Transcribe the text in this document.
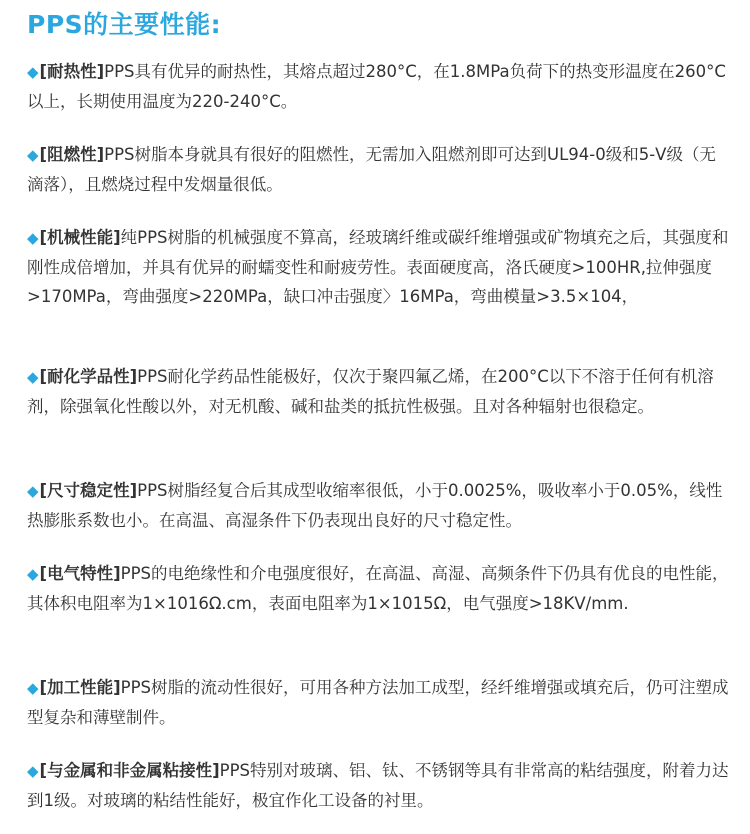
PPS的主要性能:

◆[耐热性]PPS具有优异的耐热性，其熔点超过280°C，在1.8MPa负荷下的热变形温度在260°C以上，长期使用温度为220-240°C。

◆[阻燃性]PPS树脂本身就具有很好的阻燃性，无需加入阻燃剂即可达到UL94-0级和5-V级（无滴落），且燃烧过程中发烟量很低。

◆[机械性能]纯PPS树脂的机械强度不算高，经玻璃纤维或碳纤维增强或矿物填充之后，其强度和刚性成倍增加，并具有优异的耐蠕变性和耐疲劳性。表面硬度高，洛氏硬度>100HR,拉伸强度>170MPa，弯曲强度>220MPa，缺口冲击强度〉16MPa，弯曲模量>3.5×104，

◆[耐化学品性]PPS耐化学药品性能极好，仅次于聚四氟乙烯，在200°C以下不溶于任何有机溶剂，除强氧化性酸以外，对无机酸、碱和盐类的抵抗性极强。且对各种辐射也很稳定。

◆[尺寸稳定性]PPS树脂经复合后其成型收缩率很低，小于0.0025%，吸收率小于0.05%，线性热膨胀系数也小。在高温、高湿条件下仍表现出良好的尺寸稳定性。

◆[电气特性]PPS的电绝缘性和介电强度很好，在高温、高湿、高频条件下仍具有优良的电性能，其体积电阻率为1×1016Ω.cm，表面电阻率为1×1015Ω，电气强度>18KV/mm.

◆[加工性能]PPS树脂的流动性很好，可用各种方法加工成型，经纤维增强或填充后，仍可注塑成型复杂和薄壁制件。

◆[与金属和非金属粘接性]PPS特别对玻璃、铝、钛、不锈钢等具有非常高的粘结强度，附着力达到1级。对玻璃的粘结性能好，极宜作化工设备的衬里。
